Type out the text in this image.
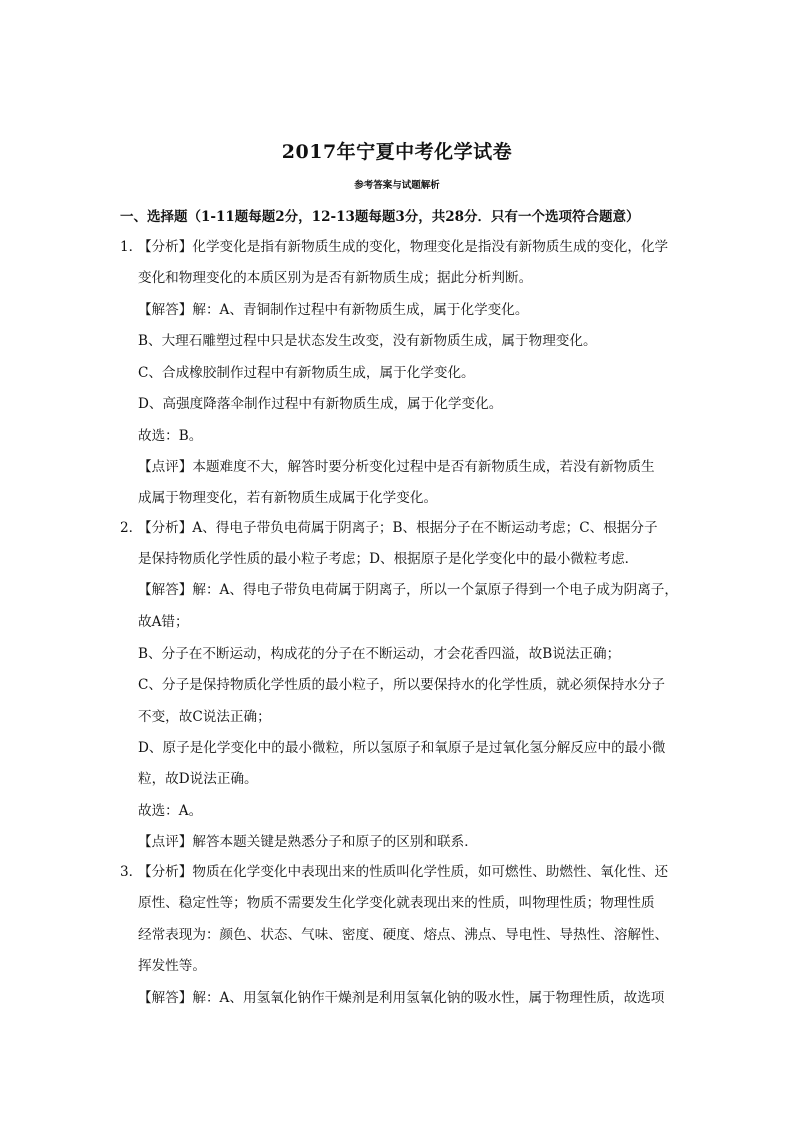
2017年宁夏中考化学试卷
参考答案与试题解析
一、选择题（1-11题每题2分，12-13题每题3分，共28分．只有一个选项符合题意）
1．
【分析】化学变化是指有新物质生成的变化，物理变化是指没有新物质生成的变化，化学
变化和物理变化的本质区别为是否有新物质生成；据此分析判断。
【解答】解：A、青铜制作过程中有新物质生成，属于化学变化。
B、大理石雕塑过程中只是状态发生改变，没有新物质生成，属于物理变化。
C、合成橡胶制作过程中有新物质生成，属于化学变化。
D、高强度降落伞制作过程中有新物质生成，属于化学变化。
故选：B。
【点评】本题难度不大，解答时要分析变化过程中是否有新物质生成，若没有新物质生
成属于物理变化，若有新物质生成属于化学变化。
2．
【分析】A、得电子带负电荷属于阴离子；B、根据分子在不断运动考虑；C、根据分子
是保持物质化学性质的最小粒子考虑；D、根据原子是化学变化中的最小微粒考虑．
【解答】解：A、得电子带负电荷属于阴离子，所以一个氯原子得到一个电子成为阴离子，
故A错；
B、分子在不断运动，构成花的分子在不断运动，才会花香四溢，故B说法正确；
C、分子是保持物质化学性质的最小粒子，所以要保持水的化学性质，就必须保持水分子
不变，故C说法正确；
D、原子是化学变化中的最小微粒，所以氢原子和氧原子是过氧化氢分解反应中的最小微
粒，故D说法正确。
故选：A。
【点评】解答本题关键是熟悉分子和原子的区别和联系．
3．
【分析】物质在化学变化中表现出来的性质叫化学性质，如可燃性、助燃性、氧化性、还
原性、稳定性等；物质不需要发生化学变化就表现出来的性质，叫物理性质；物理性质
经常表现为：颜色、状态、气味、密度、硬度、熔点、沸点、导电性、导热性、溶解性、
挥发性等。
【解答】解：A、用氢氧化钠作干燥剂是利用氢氧化钠的吸水性，属于物理性质，故选项
